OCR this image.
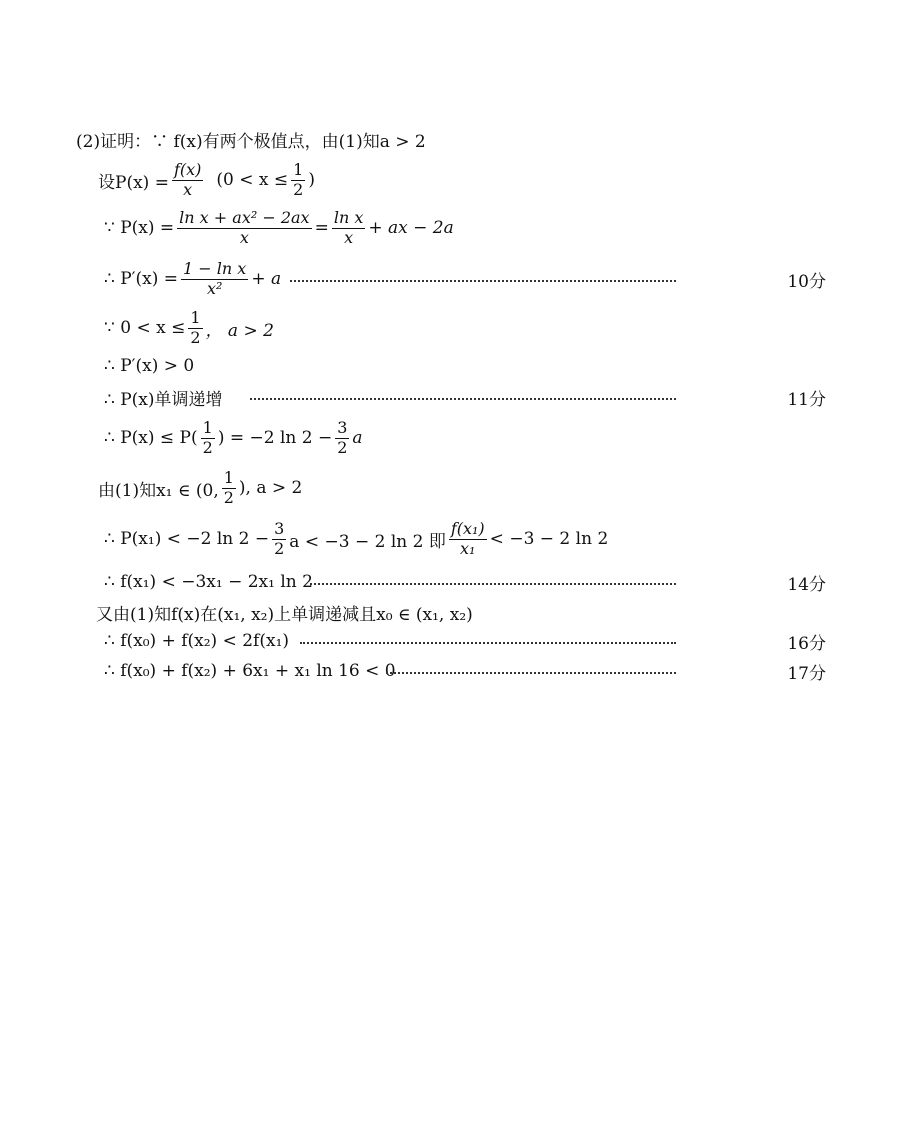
(2)证明：∵ f(x)有两个极值点，由(1)知a > 2
设$P(x) = \frac{f(x)}{x} (0 < x \le \frac{1}{2}$ )
∵ $P(x) = \frac{\text{ln x + ax² − 2ax}}{x} = \frac{\text{ln x}}{x}$ + ax − 2a
∴ $P'(x) = \frac{\text{1 − ln x}}{\text{x²}} + a$	10分
∵ $0 < x \le \frac{1}{2}$ ， a > 2
∴ P′(x) > 0
∴ P(x)单调递增	11分
∴ $P(x) \le P( \frac{1}{2}$ ) = −2 $\ln 2 - \frac{3}{2}$ a
由(1)知x₁ ∈ (0, $\frac{1}{2}$ ), a > 2
∴ P(x₁) < −2 $\ln 2 - \frac{3}{2}$ a < −3 − 2 ln 2 即 $\frac{\text{f(x₁)}}{\text{x₁}} < -3 - 2$ ln 2
∴ f(x₁) < −3x₁ − 2x₁ ln 2	14分
又由(1)知f(x)在(x₁, x₂)上单调递减且x₀ ∈ (x₁, x₂)
∴ f(x₀) + f(x₂) < 2f(x₁)	16分
∴ f(x₀) + f(x₂) + 6x₁ + x₁ ln 16 < 0	17分
